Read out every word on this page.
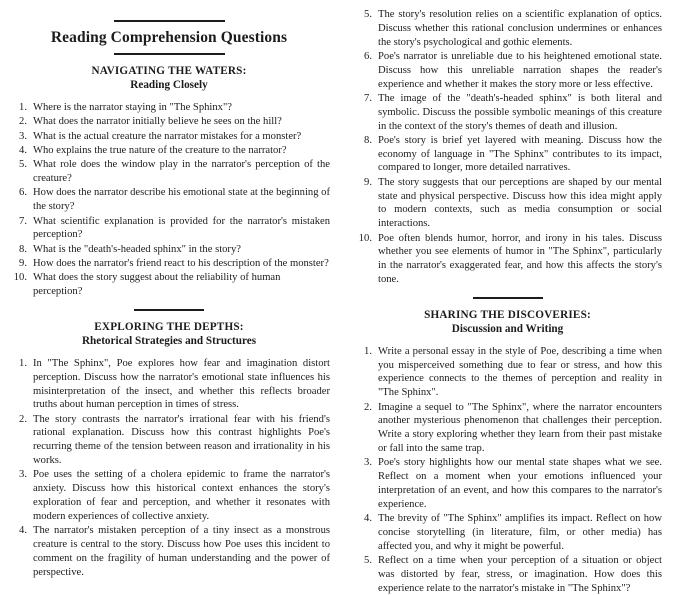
Reading Comprehension Questions
NAVIGATING THE WATERS:
Reading Closely
1. Where is the narrator staying in "The Sphinx"?
2. What does the narrator initially believe he sees on the hill?
3. What is the actual creature the narrator mistakes for a monster?
4. Who explains the true nature of the creature to the narrator?
5. What role does the window play in the narrator's perception of the creature?
6. How does the narrator describe his emotional state at the beginning of the story?
7. What scientific explanation is provided for the narrator's mistaken perception?
8. What is the "death's-headed sphinx" in the story?
9. How does the narrator's friend react to his description of the monster?
10. What does the story suggest about the reliability of human perception?
EXPLORING THE DEPTHS:
Rhetorical Strategies and Structures
1. In "The Sphinx", Poe explores how fear and imagination distort perception. Discuss how the narrator's emotional state influences his misinterpretation of the insect, and whether this reflects broader truths about human perception in times of stress.
2. The story contrasts the narrator's irrational fear with his friend's rational explanation. Discuss how this contrast highlights Poe's recurring theme of the tension between reason and irrationality in his works.
3. Poe uses the setting of a cholera epidemic to frame the narrator's anxiety. Discuss how this historical context enhances the story's exploration of fear and perception, and whether it resonates with modern experiences of collective anxiety.
4. The narrator's mistaken perception of a tiny insect as a monstrous creature is central to the story. Discuss how Poe uses this incident to comment on the fragility of human understanding and the power of perspective.
5. The story's resolution relies on a scientific explanation of optics. Discuss whether this rational conclusion undermines or enhances the story's psychological and gothic elements.
6. Poe's narrator is unreliable due to his heightened emotional state. Discuss how this unreliable narration shapes the reader's experience and whether it makes the story more or less effective.
7. The image of the "death's-headed sphinx" is both literal and symbolic. Discuss the possible symbolic meanings of this creature in the context of the story's themes of death and illusion.
8. Poe's story is brief yet layered with meaning. Discuss how the economy of language in "The Sphinx" contributes to its impact, compared to longer, more detailed narratives.
9. The story suggests that our perceptions are shaped by our mental state and physical perspective. Discuss how this idea might apply to modern contexts, such as media consumption or social interactions.
10. Poe often blends humor, horror, and irony in his tales. Discuss whether you see elements of humor in "The Sphinx", particularly in the narrator's exaggerated fear, and how this affects the story's tone.
SHARING THE DISCOVERIES:
Discussion and Writing
1. Write a personal essay in the style of Poe, describing a time when you misperceived something due to fear or stress, and how this experience connects to the themes of perception and reality in "The Sphinx".
2. Imagine a sequel to "The Sphinx", where the narrator encounters another mysterious phenomenon that challenges their perception. Write a story exploring whether they learn from their past mistake or fall into the same trap.
3. Poe's story highlights how our mental state shapes what we see. Reflect on a moment when your emotions influenced your interpretation of an event, and how this compares to the narrator's experience.
4. The brevity of "The Sphinx" amplifies its impact. Reflect on how concise storytelling (in literature, film, or other media) has affected you, and why it might be powerful.
5. Reflect on a time when your perception of a situation or object was distorted by fear, stress, or imagination. How does this experience relate to the narrator's mistake in "The Sphinx"?
